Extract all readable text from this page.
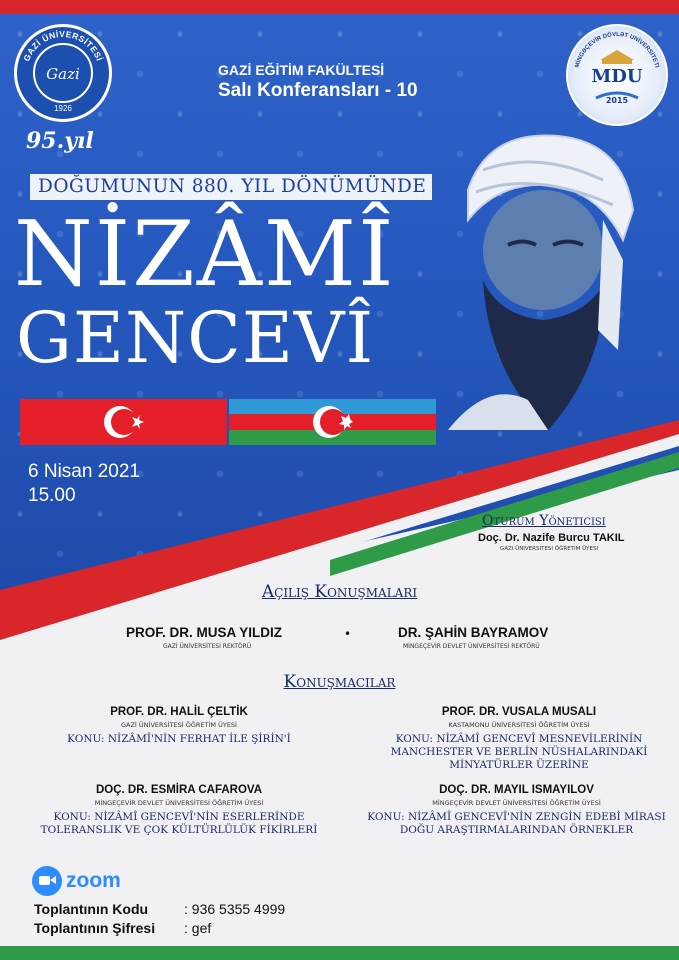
GAZİ ÜNİVERSİTESİ
1926
Gazi
95.yıl
GAZİ EĞİTİM FAKÜLTESİ
Salı Konferansları - 10
MİNGƏÇEVİR DÖVLƏT UNİVERSİTETİ
MDU
2015
DOĞUMUNUN 880. YIL DÖNÜMÜNDE
NİZÂMÎ
GENCEVÎ
6 Nisan 2021
15.00
Oturum Yöneticisi
Doç. Dr. Nazife Burcu TAKIL
GAZI ÜNIVERSITESI ÖĞRETIM ÜYESI
Açılış Konuşmaları
PROF. DR. MUSA YILDIZ
GAZİ ÜNİVERSİTESİ REKTÖRÜ
•	DR. ŞAHİN BAYRAMOV
MİNGEÇEVİR DEVLET ÜNİVERSİTESİ REKTÖRÜ
Konuşmacılar
PROF. DR. HALİL ÇELTİK
GAZİ ÜNİVERSİTESİ ÖĞRETİM ÜYESİ
KONU: NİZÂMÎ'NİN FERHAT İLE ŞİRİN'İ
PROF. DR. VUSALA MUSALI
KASTAMONU ÜNİVERSİTESİ ÖĞRETİM ÜYESİ
KONU: NİZÂMÎ GENCEVÎ MESNEVİLERİNİN
MANCHESTER VE BERLİN NÜSHALARINDAKİ
MİNYATÜRLER ÜZERİNE
DOÇ. DR. ESMİRA CAFAROVA
MİNGEÇEVİR DEVLET ÜNİVERSİTESİ ÖĞRETİM ÜYESİ
KONU: NİZÂMÎ GENCEVÎ'NİN ESERLERİNDE
TOLERANSLIK VE ÇOK KÜLTÜRLÜLÜK FİKİRLERİ
DOÇ. DR. MAYIL İSMAYILOV
MİNGEÇEVİR DEVLET ÜNİVERSİTESİ ÖĞRETİM ÜYESİ
KONU: NİZÂMÎ GENCEVÎ'NİN ZENGİN EDEBİ MİRASI
DOĞU ARAŞTIRMALARINDAN ÖRNEKLER
zoom
Toplantının Kodu	: 936 5355 4999
Toplantının Şifresi : gef
